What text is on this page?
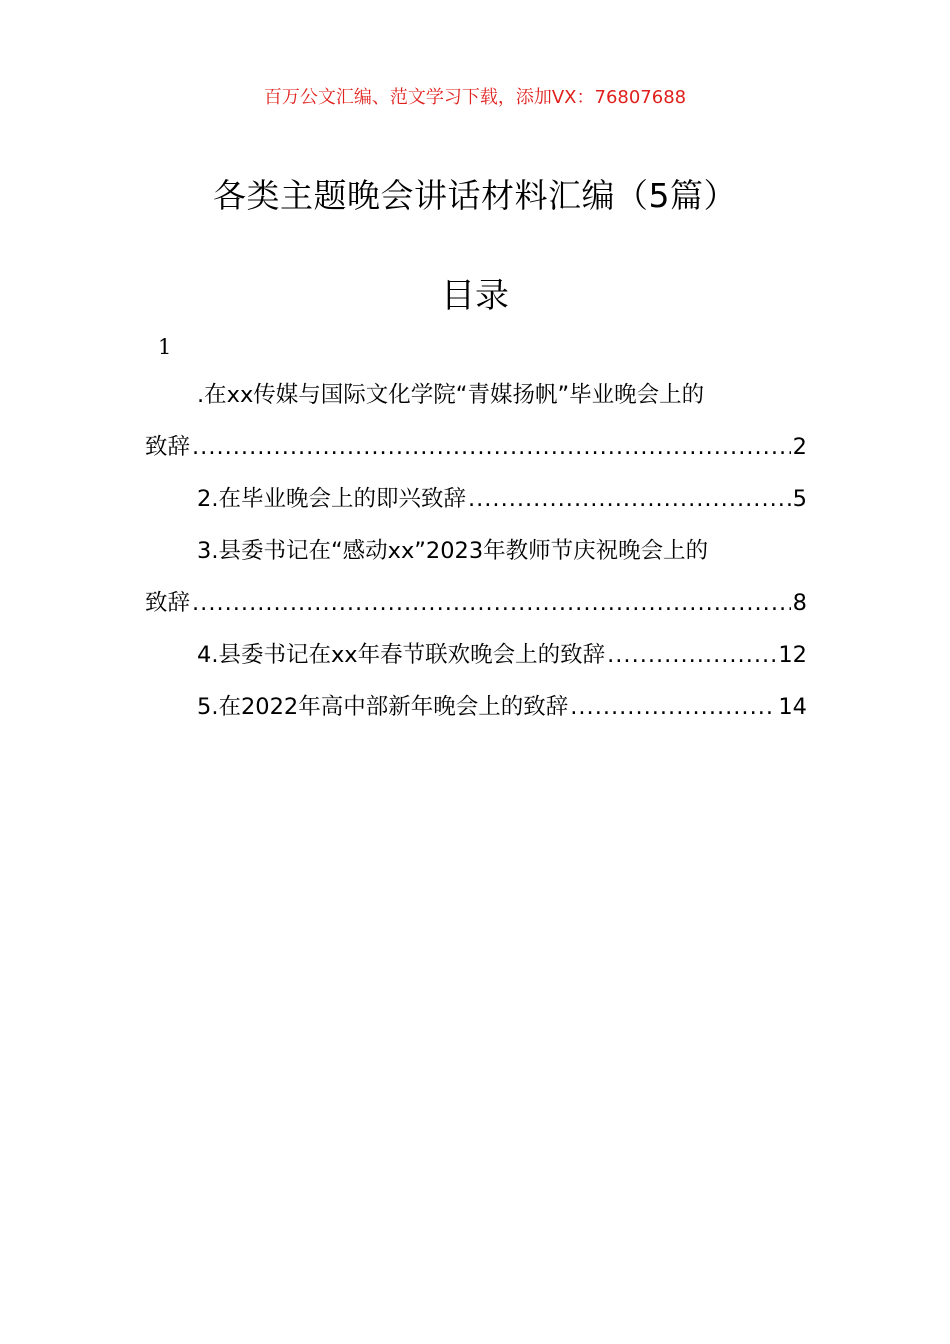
百万公文汇编、范文学习下载，添加VX：76807688
各类主题晚会讲话材料汇编（5篇）
目录
1
.在xx传媒与国际文化学院“青媒扬帆”毕业晚会上的
致辞 .....	2
2.在毕业晚会上的即兴致辞 .....	5
3.县委书记在“感动xx”2023年教师节庆祝晚会上的
致辞 .....	8
4.县委书记在xx年春节联欢晚会上的致辞 .....	12
5.在2022年高中部新年晚会上的致辞 .....	14
